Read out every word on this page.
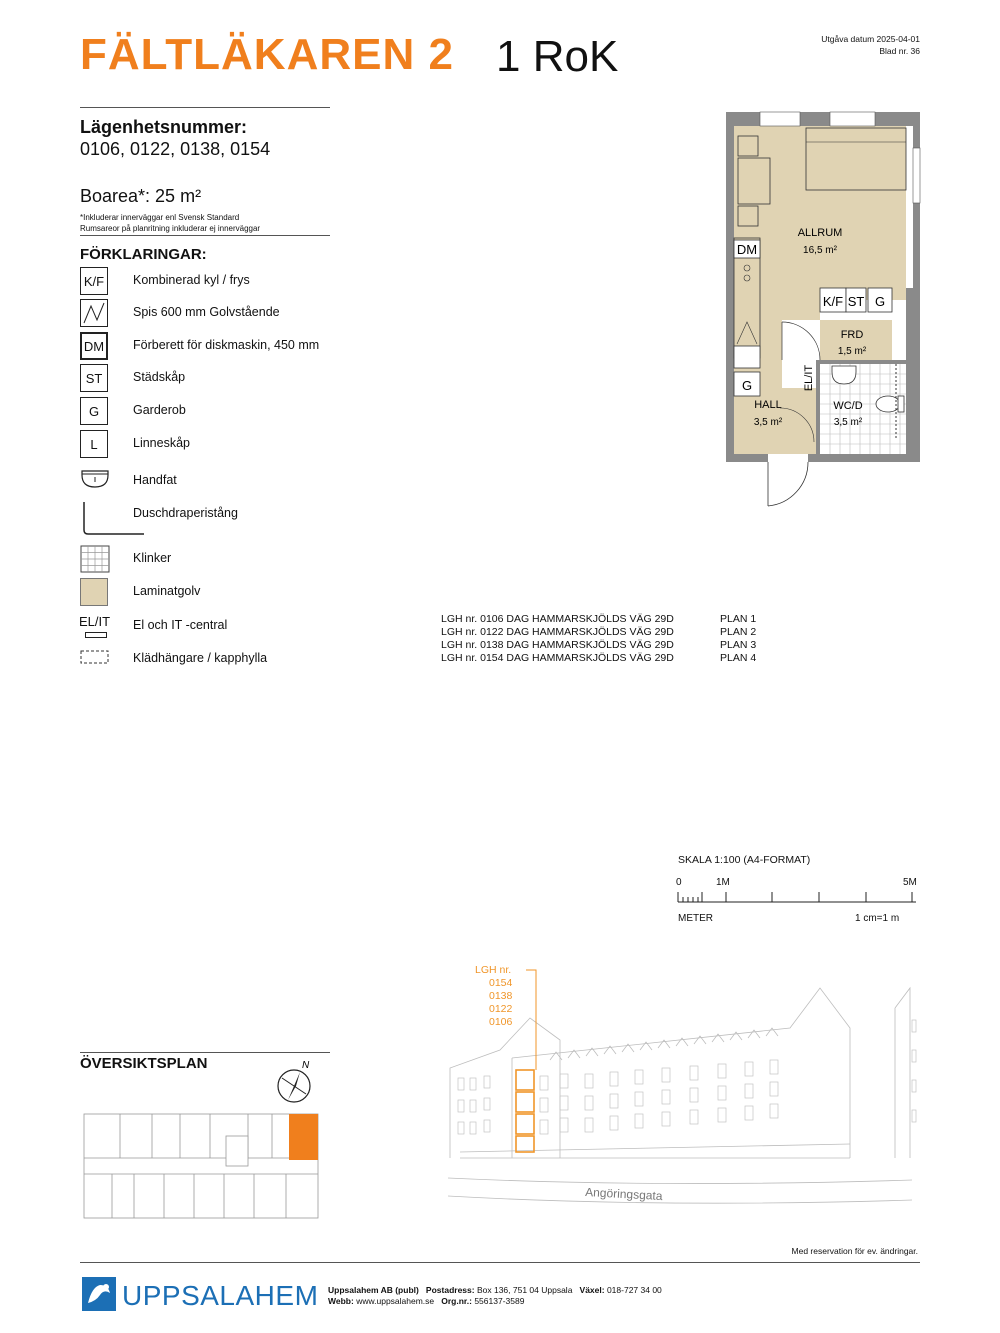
FÄLTLÄKAREN 2 1 RoK	Utgåva datum 2025-04-01
Blad nr. 36
Lägenhetsnummer:
0106, 0122, 0138, 0154
Boarea*: 25 m²
*Inkluderar innerväggar enl Svensk Standard
Rumsareor på planritning inkluderar ej innerväggar
FÖRKLARINGAR:
K/F	Kombinerad kyl / frys
Spis 600 mm Golvstående
DM	Förberett för diskmaskin, 450 mm
ST	Städskåp
G	Garderob
L	Linneskåp
Handfat
Duschdraperistång
Klinker
Laminatgolv
EL/IT El och IT -central
Klädhängare / kapphylla
DM
K/F ST G
G	EL/IT
ALLRUM
16,5 m²
FRD
1,5 m²
HALL
3,5 m²
WC/D
3,5 m²
LGH nr. 0106 DAG HAMMARSKJÖLDS VÄG 29D	PLAN 1
LGH nr. 0122 DAG HAMMARSKJÖLDS VÄG 29D	PLAN 2
LGH nr. 0138 DAG HAMMARSKJÖLDS VÄG 29D	PLAN 3
LGH nr. 0154 DAG HAMMARSKJÖLDS VÄG 29D	PLAN 4
SKALA 1:100 (A4-FORMAT)
0	1M	5M
METER	1 cm=1 m
LGH nr.
0154
0138
0122
0106
Angöringsgata
ÖVERSIKTSPLAN	N
Med reservation för ev. ändringar.
UPPSALAHEM Uppsalahem AB (publ) Postadress: Box 136, 751 04 Uppsala Växel: 018-727 34 00
Webb: www.uppsalahem.se Org.nr.: 556137-3589
